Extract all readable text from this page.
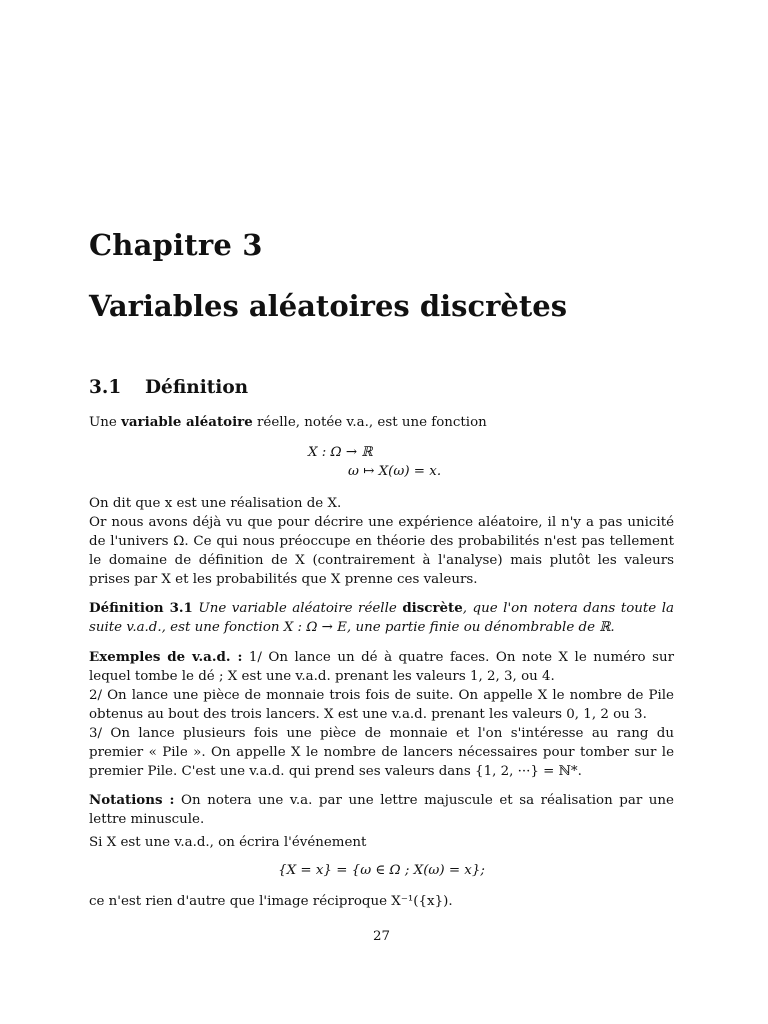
Chapitre 3
Variables aléatoires discrètes
3.1 Définition

Une variable aléatoire réelle, notée v.a., est une fonction

X : Ω → ℝ
ω ↦ X(ω) = x.

On dit que x est une réalisation de X.

Or nous avons déjà vu que pour décrire une expérience aléatoire, il n'y a pas unicité de l'univers Ω. Ce qui nous préoccupe en théorie des probabilités n'est pas tellement le domaine de définition de X (contrairement à l'analyse) mais plutôt les valeurs prises par X et les probabilités que X prenne ces valeurs.

Définition 3.1 Une variable aléatoire réelle discrète, que l'on notera dans toute la suite v.a.d., est une fonction X : Ω → E, une partie finie ou dénombrable de ℝ.

Exemples de v.a.d. : 1/ On lance un dé à quatre faces. On note X le numéro sur lequel tombe le dé ; X est une v.a.d. prenant les valeurs 1, 2, 3, ou 4.
2/ On lance une pièce de monnaie trois fois de suite. On appelle X le nombre de Pile obtenus au bout des trois lancers. X est une v.a.d. prenant les valeurs 0, 1, 2 ou 3.
3/ On lance plusieurs fois une pièce de monnaie et l'on s'intéresse au rang du premier « Pile ». On appelle X le nombre de lancers nécessaires pour tomber sur le premier Pile. C'est une v.a.d. qui prend ses valeurs dans {1, 2, ···} = ℕ*.

Notations : On notera une v.a. par une lettre majuscule et sa réalisation par une lettre minuscule.

Si X est une v.a.d., on écrira l'événement

{X = x} = {ω ∈ Ω ; X(ω) = x};

ce n'est rien d'autre que l'image réciproque X⁻¹({x}).

27
